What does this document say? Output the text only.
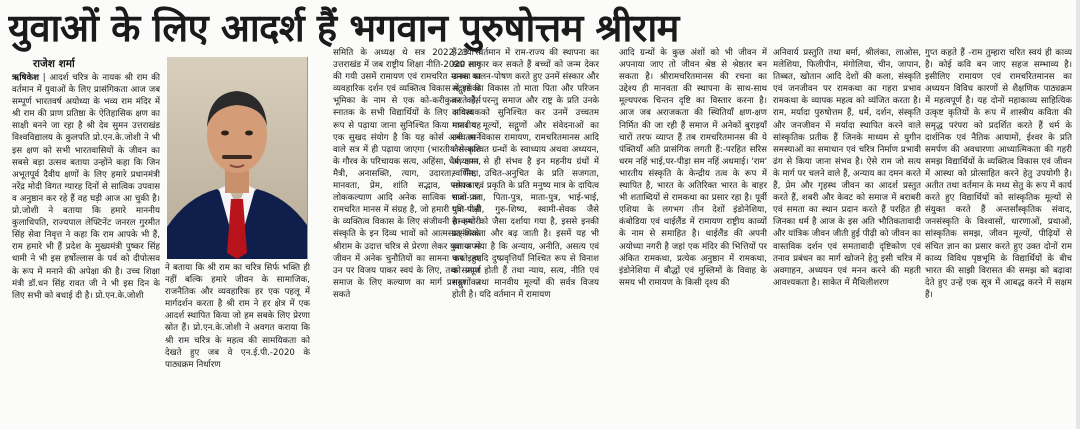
युवाओं के लिए आदर्श हैं भगवान पुरुषोत्तम श्रीराम
राजेश शर्मा

ऋषिकेश | आदर्श चरित्र के नायक श्री राम की वर्तमान में युवाओं के लिए प्रासंगिकता आज जब सम्पूर्ण भारतवर्ष अयोध्या के भव्य राम मंदिर में श्री राम की प्राण प्रतिष्ठा के ऐतिहासिक क्षण का साक्षी बनने जा रहा है श्री देव सुमन उत्तराखंड विश्वविद्यालय के कुलपति प्रो.एन.के.जोशी ने भी इस क्षण को सभी भारतवासियों के जीवन का सबसे बड़ा उत्सव बताया उन्होंने कहा कि जिन अभूतपूर्व दैवीय क्षणों के लिए हमारे प्रधानमंत्री नरेंद्र मोदी विगत ग्यारह दिनों से सात्विक उपवास व अनुष्ठान कर रहे हैं वह घड़ी आज आ चुकी है। प्रो.जोशी ने बताया कि हमारे माननीय कुलाधिपति, राज्यपाल लेफ्टिनेंट जनरल गुरमीत सिंह सेवा निवृत्त ने कहा कि राम आपके भी हैं, राम हमारे भी हैं प्रदेश के मुख्यमंत्री पुष्कर सिंह धामी ने भी इस हर्षोल्लास के पर्व को दीपोत्सव के रूप में मनाने की अपेक्षा की है। उच्च शिक्षा मंत्री डॉ.धन सिंह रावत जी ने भी इस दिन के लिए सभी को बधाई दी है। प्रो.एन.के.जोशी

ने बताया कि श्री राम का चरित्र सिर्फ भक्ति ही नहीं बल्कि हमारे जीवन के सामाजिक, राजनैतिक और व्यवहारिक हर एक पहलू में मार्गदर्शन करता है श्री राम ने हर क्षेत्र में एक आदर्श स्थापित किया जो हम सबके लिए प्रेरणा स्रोत हैं। प्रो.एन.के.जोशी ने अवगत कराया कि श्री राम चरित्र के महत्व की सामयिकता को देखते हुए जब वे एन.ई.पी.-2020 के पाठ्यक्रम निर्धारण

समिति के अध्यक्ष थे सत्र 2022-23 से उत्तराखंड में जब राष्ट्रीय शिक्षा नीति-2020 लागू की गयी उसमें रामायण एवं रामचरित मानस का व्यवहारिक दर्शन एवं व्यक्तित्व विकास में इसकी भूमिका के नाम से एक को-करीकुलर कोर्स स्नातक के सभी विद्यार्थियों के लिए आवश्यक रूप से पढ़ाया जाना सुनिश्चित किया गया। यह एक सुखद संयोग है कि यह कोर्स अभी आने वाले सत्र में ही पढ़ाया जाएगा (भारतीय संस्कृति के गौरव के परिचायक सत्य, अहिंसा, धैर्य, क्षमा, मैत्री, अनासक्ति, त्याग, उदारता, निष्ठा, मानवता, प्रेम, शांति सद्भाव, परोपकार, लोककल्याण आदि अनेक सात्विक भावों का रामचरित मानस में संग्रह है, जो हमारी युवा पीढ़ी के व्यक्तित्व विकास के लिए संजीवनी है। हमारी संस्कृति के इन दिव्य भावों को आत्मसात् करके श्रीराम के उदात्त चरित्र से प्रेरणा लेकर युवा अपने जीवन में अनेक चुनौतियों का सामना करते हुए उन पर विजय पाकर स्वयं के लिए, तथा सम्पूर्ण समाज के लिए कल्याण का मार्ग प्रशस्त कर सकते

हैं तथा वर्तमान में राम-राज्य की स्थापना का स्वप्न साकार कर सकते हैं बच्चों को जन्म देकर उनका पालन-पोषण करते हुए उनमें संस्कार और सद्गुणों का विकास तो माता पिता और परिजन करते हैं, परन्तु समाज और राष्ट्र के प्रति उनके दायित्व को सुनिश्चित कर उनमें उच्चतम मानवीय मूल्यों, सद्गुणों और संवेदनाओं का उच्चतम विकास रामायण, रामचरितमानस आदि जैसे शाश्वत ग्रन्थों के स्वाध्याय अथवा अध्ययन, अध्यापन से ही संभव है इन महनीय ग्रंथों में स्वर्णिम, उचित-अनुचित के प्रति सजगता, समाज एवं प्रकृति के प्रति मनुष्य मात्र के दायित्व राजा-प्रजा, पिता-पुत्र, माता-पुत्र, भाई-भाई, पति-पत्नी, गुरु-शिष्य, स्वामी-सेवक जैसे सम्बन्धों को जैसा दर्शाया गया है, इससे इनकी प्रासंगिकता और बढ़ जाती है। इसमें यह भी बताया गया है कि अन्याय, अनीति, असत्य एवं पाप इत्यादि दुष्प्रवृत्तियाँ निश्चित रूप से विनाश को प्राप्त होती हैं तथा न्याय, सत्य, नीति एवं सद्गुणों तथा मानवीय मूल्यों की सर्वत्र विजय होती है। यदि वर्तमान में रामायण

आदि ग्रन्थों के कुछ अंशों को भी जीवन में अपनाया जाए तो जीवन श्रेष्ठ से श्रेष्ठतर बन सकता है। श्रीरामचरितमानस की रचना का उद्देश्य ही मानवता की स्थापना के साथ-साथ मूल्यपरक चिन्तन दृष्टि का विस्तार करना है। आज जब अराजकता की स्थितियाँ क्षण-क्षण निर्मित की जा रही हैं समाज में अनेकों बुराइयाँ चारों तरफ व्याप्त हैं तब रामचरितमानस की ये पंक्तियाँ अति प्रासंगिक लगती हैं:-परहित सरिस धरम नहिं भाई,पर-पीड़ा सम नहिं अधमाई। 'राम' भारतीय संस्कृति के केन्द्रीय तत्व के रूप में स्थापित है, भारत के अतिरिक्त भारत के बाहर भी शताब्दियों से रामकथा का प्रसार रहा है। पूर्वी एशिया के लगभग तीन देशों इंडोनेशिया, कंबोडिया एवं थाईलैंड में रामायण राष्ट्रीय काव्यों के नाम से समाहित है। थाईलैंड की अपनी अयोध्या नगरी है जहां एक मंदिर की भित्तियों पर अंकित रामकथा, प्रत्येक अनुष्ठान में रामकथा, इंडोनेशिया में बौद्धों एवं मुस्लिमों के विवाह के समय भी रामायण के किसी दृश्य की

अनिवार्य प्रस्तुति तथा बर्मा, श्रीलंका, लाओस, मलेशिया, फिलीपीन, मंगोलिया, चीन, जापान, तिब्बत, खोतान आदि देशों की कला, संस्कृति एवं जनजीवन पर रामकथा का गहरा प्रभाव रामकथा के व्यापक महत्व को व्यंजित करता है। राम, मर्यादा पुरुषोत्तम हैं, धर्म, दर्शन, संस्कृति और जनजीवन में मर्यादा स्थापित करने वाले सांस्कृतिक प्रतीक हैं जिनके माध्यम से युगीन समस्याओं का समाधान एवं चरित्र निर्माण प्रभावी ढंग से किया जाना संभव है। ऐसे राम जो सत्य के मार्ग पर चलने वाले हैं, अन्याय का दमन करते हैं, प्रेम और गृहस्थ जीवन का आदर्श प्रस्तुत करते हैं, शबरी और केवट को समाज में बराबरी एवं समता का स्थान प्रदान करते हैं परहित ही जिनका धर्म है आज के इस अति भौतिकतावादी और यांत्रिक जीवन जीती हुई पीढ़ी को जीवन का वास्तविक दर्शन एवं समतावादी दृष्टिकोण एवं तनाव प्रबंधन का मार्ग खोजने हेतु इसी चरित्र में अवगाहन, अध्ययन एवं मनन करने की महती आवश्यकता है। साकेत में मैथिलीशरण

गुप्त कहते हैं -राम तुम्हारा चरित स्वयं ही काव्य है। कोई कवि बन जाए सहज सम्भाव्य है। इसीलिए रामायण एवं रामचरितमानस का अध्ययन विविध कारणों से शैक्षणिक पाठ्यक्रम में महत्वपूर्ण है। यह दोनों महाकाव्य साहित्यिक उत्कृष्ट कृतियों के रूप में शास्त्रीय कविता की समृद्ध परंपरा को प्रदर्शित करते हैं धर्म के दार्शनिक एवं नैतिक आयामों, ईश्वर के प्रति समर्पण की अवधारणा आध्यात्मिकता की गहरी समझ विद्यार्थियों के व्यक्तित्व विकास एवं जीवन में आस्था को प्रोत्साहित करने हेतु उपयोगी है। अतीत तथा वर्तमान के मध्य सेतु के रूप में कार्य करते हुए विद्यार्थियों को सांस्कृतिक मूल्यों से संयुक्त करते हैं अन्तर्सांस्कृतिक संवाद, जनसंस्कृति के विश्वासों, धारणाओं, प्रथाओं, सांस्कृतिक समझ, जीवन मूल्यों, पीढ़ियों से संचित ज्ञान का प्रसार करते हुए उक्त दोनों राम काव्य विविध पृष्ठभूमि के विद्यार्थियों के बीच भारत की साझी विरासत की समझ को बढ़ावा देते हुए उन्हें एक सूत्र में आबद्ध करने में सक्षम हैं।
